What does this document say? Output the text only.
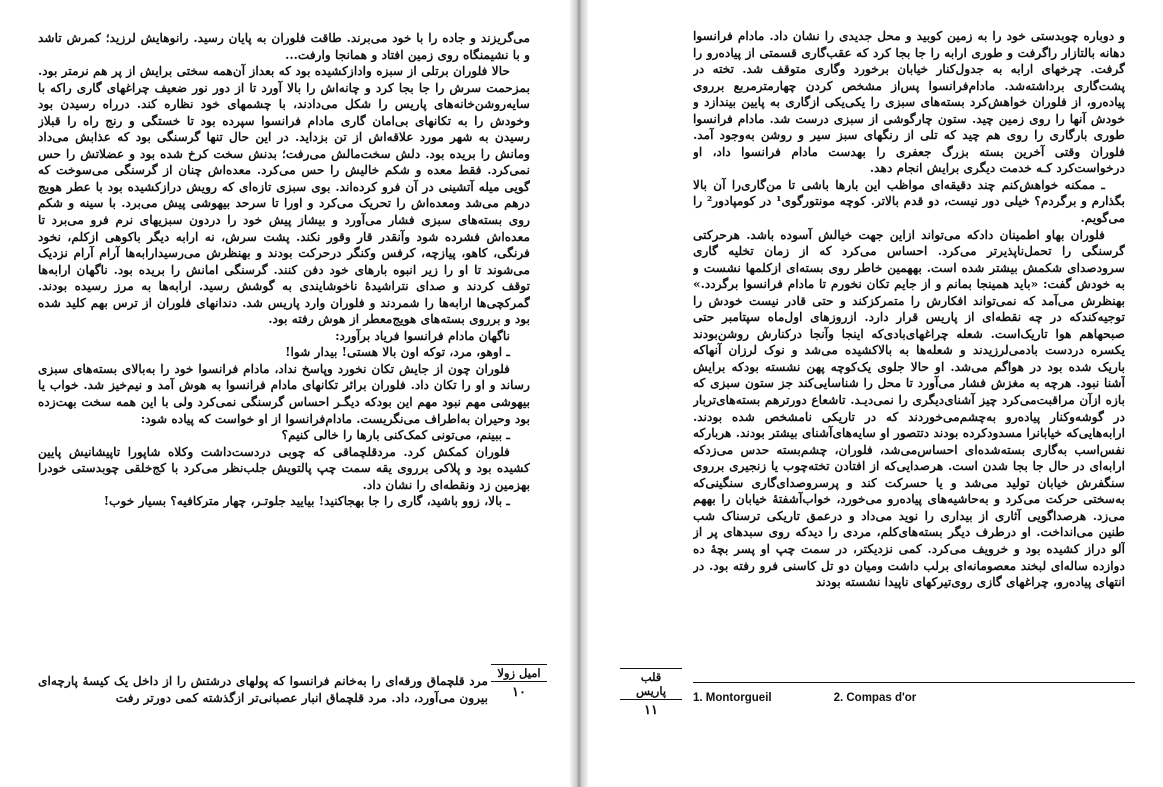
می‌گریزند و جاده را با خود می‌برند. طاقت فلوران به پایان رسید. رانوهایش لرزید؛ کمرش تاشد و با نشیمنگاه روی زمین افتاد و همانجا وارفت...

حالا فلوران برتلی از سبزه وادازکشیده بود که بعداز آن‌همه سختی برایش از پر هم نرمتر بود. بمزحمت سرش را جا بجا کرد و چانه‌اش را بالا آورد تا از دور نور ضعیف چراغهای گاری راکه با سایه‌روشن‌خانه‌های پاریس را شکل می‌دادند، با چشمهای خود نظاره کند. درراه رسیدن بود وخودش را به تکانهای بی‌امان گاری مادام فرانسوا سپرده بود تا خستگی و رنج راه را قبلاز رسیدن به شهر مورد علاقه‌اش از تن بزداید. در این حال تنها گرسنگی بود که عذابش می‌داد ومانش را بریده بود. دلش سخت‌مالش می‌رفت؛ بدنش سخت کرخ شده بود و عضلاتش را حس نمی‌کرد. فقط معده و شکم خالیش را حس می‌کرد. معده‌اش چنان از گرسنگی می‌سوخت که گویی میله آتشینی در آن فرو کرده‌اند. بوی سبزی تازه‌ای که رویش درازکشیده بود با عطر هویج درهم می‌شد ومعده‌اش را تحریک می‌کرد و اورا تا سرحد بیهوشی پیش می‌برد. با سینه و شکم روی بسته‌های سبزی فشار می‌آورد و بیشاز پیش خود را دردون سبزیهای نرم فرو می‌برد تا معده‌اش فشرده شود وآنقدر قار وقور نکند. پشت سرش، نه ارابه دیگر باکوهی ازکلم، نخود فرنگی، کاهو، پیازچه، کرفس وکنگر درحرکت بودند و بهنظرش می‌رسیدارابه‌ها آرام آرام نزدیک می‌شوند تا او را زیر انبوه بارهای خود دفن کنند. گرسنگی امانش را بریده بود. ناگهان ارابه‌ها توقف کردند و صدای نتراشیدهٔ ناخوشایندی به گوشش رسید. ارابه‌ها به مرز رسیده بودند. گمرکچی‌ها ارابه‌ها را شمردند و فلوران وارد پاریس شد. دندانهای فلوران از ترس بهم کلید شده بود و برروی بسته‌های هویج‌معطر از هوش رفته بود.

ناگهان مادام فرانسوا فریاد برآورد:

ـ اوهو، مرد، توکه اون بالا هستی! بیدار شوا!

فلوران چون از جایش تکان نخورد وپاسخ نداد، مادام فرانسوا خود را به‌بالای بسته‌های سبزی رساند و او را تکان داد. فلوران برائر تکانهای مادام فرانسوا به هوش آمد و نیم‌خیز شد. خواب یا بیهوشی مهم نبود مهم این بودکه دیگـر احساس گرسنگی نمی‌کرد ولی با این همه سخت بهت‌زده بود وحیران به‌اطراف می‌نگریست. مادام‌فرانسوا از او خواست که پیاده شود:

ـ ببینم، می‌تونی کمک‌کنی بارها را خالی کنیم؟

فلوران کمکش کرد. مردقلچماقی که چوبی دردست‌داشت وکلاه شاپورا تاپیشانیش پایین کشیده بود و پلاکی برروی یقه سمت چپ پالتویش جلب‌نظر می‌کرد با کج‌خلقی چوبدستی خودرا بهزمین زد ونقطه‌ای را نشان داد.

ـ بالا، زوو باشید، گاری را جا بهجاکنید! بیایید جلوتـر، چهار مترکافیه؟ بسیار خوب!

مرد قلچماق ورقه‌ای را به‌خانم فرانسوا که پولهای درشتش را از داخل یک کیسهٔ پارچه‌ای بیرون می‌آورد، داد. مرد قلچماق انبار عصبانی‌تر ازگذشته کمی دورتر رفت

امیل زولا
۱۰

و دوباره چوبدستی خود را به زمین کوبید و محل جدیدی را نشان داد. مادام فرانسوا دهانه بالتازار راگرفت و طوری ارابه را جا بجا کرد که عقب‌گاری قسمتی از پیاده‌رو را گرفت. چرخهای ارابه به جدول‌کنار خیابان برخورد وگاری متوقف شد. تخته در پشت‌گاری برداشته‌شد. مادام‌فرانسوا پس‌از مشخص کردن چهارمترمربع برروی پیاده‌رو، از فلوران خواهش‌کرد بسته‌های سبزی را یکی‌یکی ازگاری به پایین بیندازد و خودش آنها را روی زمین چید. ستون چارگوشی از سبزی درست شد. مادام فرانسوا طوری بارگاری را روی هم چید که تلی از رنگهای سبز سیر و روشن به‌وجود آمد. فلوران وقتی آخرین بسته بزرگ جعفری را بهدست مادام فرانسوا داد، او درخواست‌کرد کـه خدمت دیگری برایش انجام دهد.

ـ ممکنه خواهش‌کنم چند دقیقه‌ای مواظب این بارها باشی تا من‌گاری‌را آن بالا بگذارم و برگردم؟ خیلی دور نیست، دو قدم بالاتر. کوچه مونتورگوی¹ در کومپادور² را می‌گویم.

فلوران بهاو اطمینان دادکه می‌تواند ازاین جهت خیالش آسوده باشد. هرحرکتی گرسنگی را تحمل‌ناپذیرتر می‌کرد. احساس می‌کرد که از زمان تخلیه گاری سرودصدای شکمش بیشتر شده است. بههمین خاطر روی بسته‌ای ازکلمها نشست و به خودش گفت: «باید همینجا بمانم و از جایم تکان نخورم تا مادام فرانسوا برگردد.» بهنظرش می‌آمد که نمی‌تواند افکارش را متمرکزکند و حتی قادر نیست خودش را توجیه‌کندکه در چه نقطه‌ای از پاریس قرار دارد. ازروزهای اول‌ماه سپتامبر حتی صبحهاهم هوا تاریک‌است. شعله چراغهای‌بادی‌که اینجا وآنجا درکنارش روشن‌بودند یکسره دردست بادمی‌لرزیدند و شعله‌ها به بالاکشیده می‌شد و نوک لرزان آنهاکه باریک شده بود در هواگم می‌شد. او حالا جلوی یک‌کوچه پهن نشسته بودکه برایش آشنا نبود. هرچه به مغزش فشار می‌آورد تا محل را شناسایی‌کند جز ستون سبزی که بازه ازآن مراقبت‌می‌کرد چیز آشنای‌دیگری را نمی‌دیـد. تاشعاع دورترهم بسته‌های‌تربار در گوشه‌وکنار پیاده‌رو به‌چشم‌می‌خوردند که در تاریکی نامشخص شده بودند. ارابه‌هایی‌که خیابانرا مسدودکرده بودند دتتصور او سایه‌های‌آشنای بیشتر بودند. هربارکه نفس‌اسب به‌گاری بسته‌شده‌ای احساس‌می‌شد، فلوران، چشم‌بسته حدس می‌زدکه ارابه‌ای در حال جا بجا شدن است. هرصدایی‌که از افتادن تخته‌چوب یا زنجیری برروی سنگفرش خیابان تولید می‌شد و یا حسرکت کند و پرسروصدای‌گاری سنگینی‌که به‌سختی حرکت می‌کرد و به‌حاشیه‌های پیاده‌رو می‌خورد، خواب‌آشفتهٔ خیابان را بههم می‌زد. هرصدا‌گویی آثاری از بیداری را نوید می‌داد و درعمق تاریکی ترسناک شب طنین می‌انداخت. او درطرف دیگر بسته‌های‌کلم، مردی را دیدکه روی سبدهای پر از آلو دراز کشیده بود و خرویف می‌کرد. کمی نزدیکتر، در سمت چپ او پسر بچهٔ ده دوازده ساله‌ای لبخند معصومانه‌ای برلب داشت ومیان دو تل کاسنی فرو رفته بود. در انتهای پیاده‌رو، چراغهای گازی روی‌تیرکهای ناپیدا نشسته بودند

قلب پاریس
۱۱
1. Montorgueil	2. Compas d'or
